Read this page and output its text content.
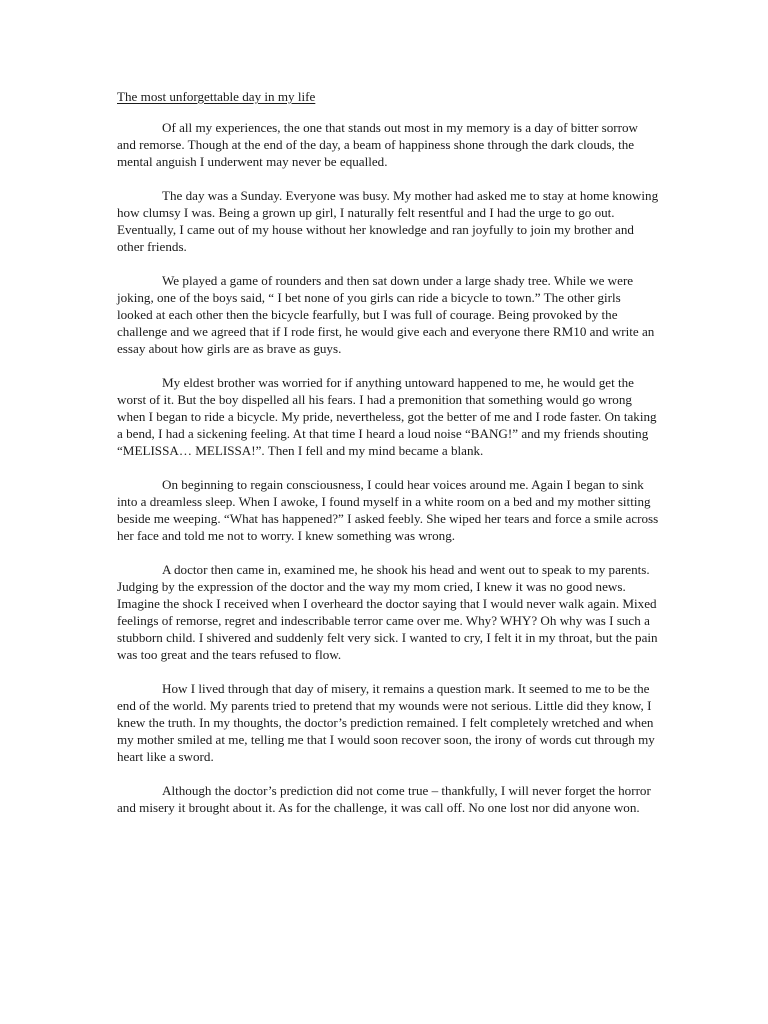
The most unforgettable day in my life

Of all my experiences, the one that stands out most in my memory is a day of bitter sorrow and remorse. Though at the end of the day, a beam of happiness shone through the dark clouds, the mental anguish I underwent may never be equalled.

The day was a Sunday. Everyone was busy. My mother had asked me to stay at home knowing how clumsy I was. Being a grown up girl, I naturally felt resentful and I had the urge to go out. Eventually, I came out of my house without her knowledge and ran joyfully to join my brother and other friends.

We played a game of rounders and then sat down under a large shady tree. While we were joking, one of the boys said, “ I bet none of you girls can ride a bicycle to town.” The other girls looked at each other then the bicycle fearfully, but I was full of courage. Being provoked by the challenge and we agreed that if I rode first, he would give each and everyone there RM10 and write an essay about how girls are as brave as guys.

My eldest brother was worried for if anything untoward happened to me, he would get the worst of it. But the boy dispelled all his fears. I had a premonition that something would go wrong when I began to ride a bicycle. My pride, nevertheless, got the better of me and I rode faster. On taking a bend, I had a sickening feeling. At that time I heard a loud noise “BANG!” and my friends shouting “MELISSA… MELISSA!”. Then I fell and my mind became a blank.

On beginning to regain consciousness, I could hear voices around me. Again I began to sink into a dreamless sleep. When I awoke, I found myself in a white room on a bed and my mother sitting beside me weeping. “What has happened?” I asked feebly. She wiped her tears and force a smile across her face and told me not to worry. I knew something was wrong.

A doctor then came in, examined me, he shook his head and went out to speak to my parents. Judging by the expression of the doctor and the way my mom cried, I knew it was no good news. Imagine the shock I received when I overheard the doctor saying that I would never walk again. Mixed feelings of remorse, regret and indescribable terror came over me. Why? WHY? Oh why was I such a stubborn child. I shivered and suddenly felt very sick. I wanted to cry, I felt it in my throat, but the pain was too great and the tears refused to flow.

How I lived through that day of misery, it remains a question mark. It seemed to me to be the end of the world. My parents tried to pretend that my wounds were not serious. Little did they know, I knew the truth. In my thoughts, the doctor’s prediction remained. I felt completely wretched and when my mother smiled at me, telling me that I would soon recover soon, the irony of words cut through my heart like a sword.

Although the doctor’s prediction did not come true – thankfully, I will never forget the horror and misery it brought about it. As for the challenge, it was call off. No one lost nor did anyone won.
